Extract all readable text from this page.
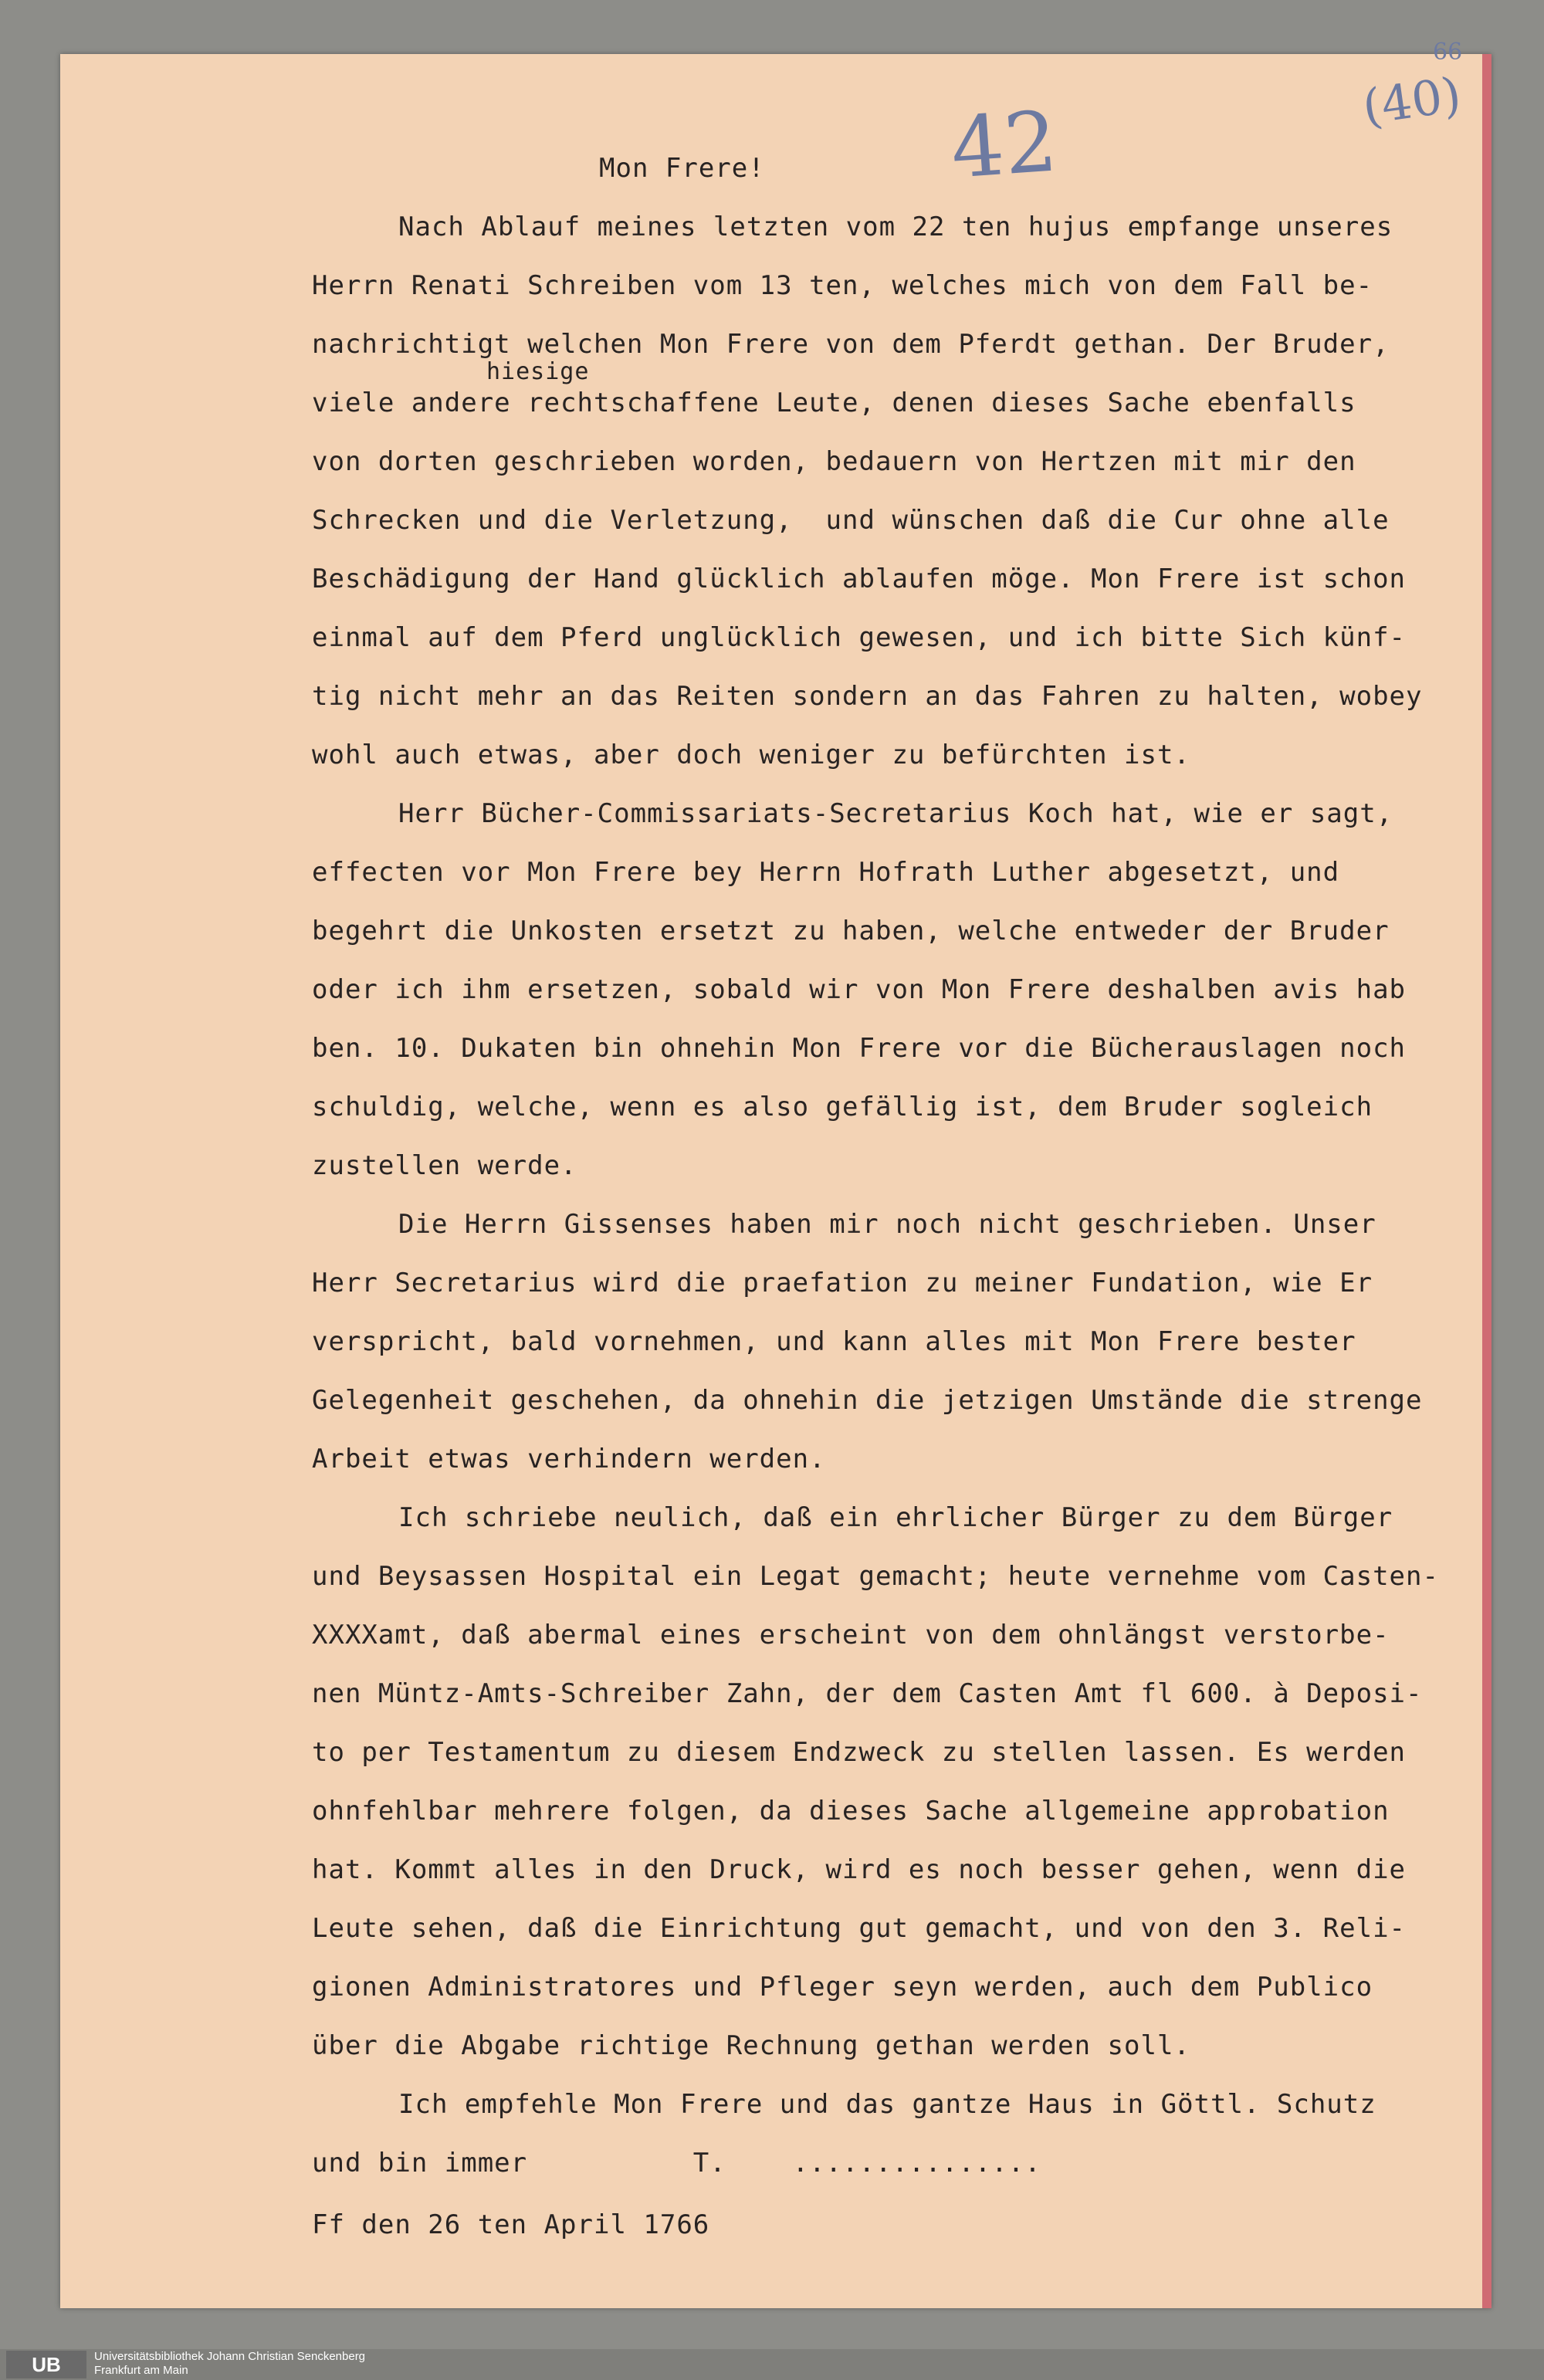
66
42	(40)
Mon Frere!
hiesige
Nach Ablauf meines letzten vom 22 ten hujus empfange unseres
Herrn Renati Schreiben vom 13 ten, welches mich von dem Fall be-
nachrichtigt welchen Mon Frere von dem Pferdt gethan. Der Bruder,
viele andere rechtschaffene Leute, denen dieses Sache ebenfalls
von dorten geschrieben worden, bedauern von Hertzen mit mir den
Schrecken und die Verletzung,  und wünschen daß die Cur ohne alle
Beschädigung der Hand glücklich ablaufen möge. Mon Frere ist schon
einmal auf dem Pferd unglücklich gewesen, und ich bitte Sich künf-
tig nicht mehr an das Reiten sondern an das Fahren zu halten, wobey
wohl auch etwas, aber doch weniger zu befürchten ist.
Herr Bücher-Commissariats-Secretarius Koch hat, wie er sagt,
effecten vor Mon Frere bey Herrn Hofrath Luther abgesetzt, und
begehrt die Unkosten ersetzt zu haben, welche entweder der Bruder
oder ich ihm ersetzen, sobald wir von Mon Frere deshalben avis hab
ben. 10. Dukaten bin ohnehin Mon Frere vor die Bücherauslagen noch
schuldig, welche, wenn es also gefällig ist, dem Bruder sogleich
zustellen werde.
Die Herrn Gissenses haben mir noch nicht geschrieben. Unser
Herr Secretarius wird die praefation zu meiner Fundation, wie Er
verspricht, bald vornehmen, und kann alles mit Mon Frere bester
Gelegenheit geschehen, da ohnehin die jetzigen Umstände die strenge
Arbeit etwas verhindern werden.
Ich schriebe neulich, daß ein ehrlicher Bürger zu dem Bürger
und Beysassen Hospital ein Legat gemacht; heute vernehme vom Casten-
XXXXamt, daß abermal eines erscheint von dem ohnlängst verstorbe-
nen Müntz-Amts-Schreiber Zahn, der dem Casten Amt fl 600. à Deposi-
to per Testamentum zu diesem Endzweck zu stellen lassen. Es werden
ohnfehlbar mehrere folgen, da dieses Sache allgemeine approbation
hat. Kommt alles in den Druck, wird es noch besser gehen, wenn die
Leute sehen, daß die Einrichtung gut gemacht, und von den 3. Reli-
gionen Administratores und Pfleger seyn werden, auch dem Publico
über die Abgabe richtige Rechnung gethan werden soll.
Ich empfehle Mon Frere und das gantze Haus in Göttl. Schutz
und bin immer          T.    ...............
Ff den 26 ten April 1766
UB	Universitätsbibliothek Johann Christian Senckenberg
Frankfurt am Main
